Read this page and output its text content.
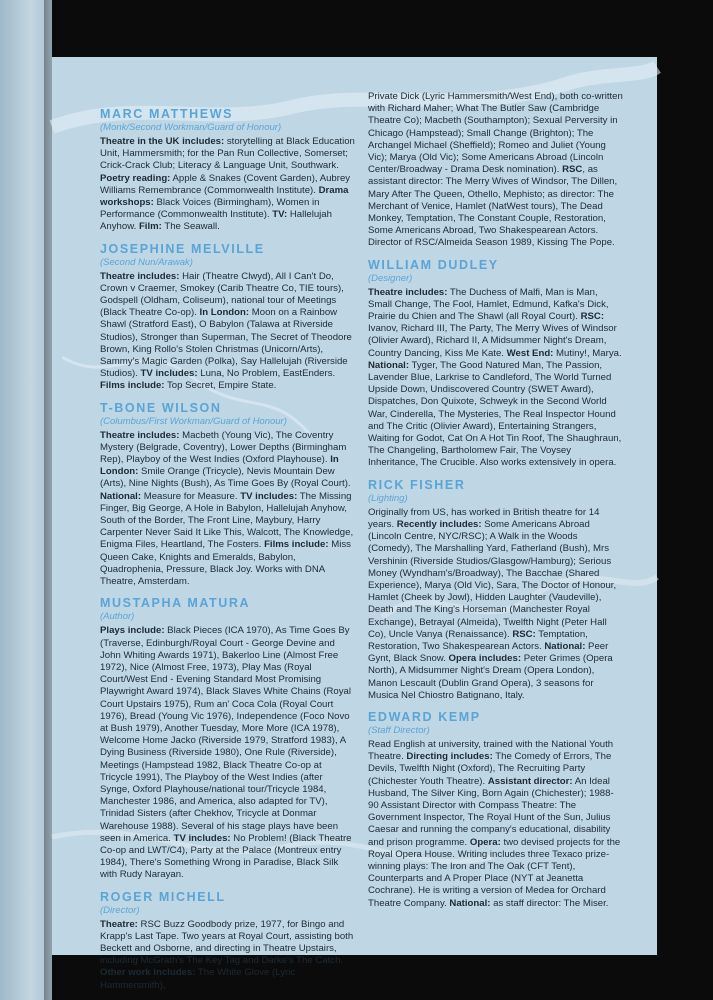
MARC MATTHEWS

(Monk/Second Workman/Guard of Honour)

Theatre in the UK includes: storytelling at Black Education Unit, Hammersmith; for the Pan Run Collective, Somerset; Crick-Crack Club; Literacy & Language Unit, Southwark. Poetry reading: Apple & Snakes (Covent Garden), Aubrey Williams Remembrance (Commonwealth Institute). Drama workshops: Black Voices (Birmingham), Women in Performance (Commonwealth Institute). TV: Hallelujah Anyhow. Film: The Seawall.

JOSEPHINE MELVILLE

(Second Nun/Arawak)

Theatre includes: Hair (Theatre Clwyd), All I Can't Do, Crown v Craemer, Smokey (Carib Theatre Co, TIE tours), Godspell (Oldham, Coliseum), national tour of Meetings (Black Theatre Co-op). In London: Moon on a Rainbow Shawl (Stratford East), O Babylon (Talawa at Riverside Studios), Stronger than Superman, The Secret of Theodore Brown, King Rollo's Stolen Christmas (Unicorn/Arts), Sammy's Magic Garden (Polka), Say Hallelujah (Riverside Studios). TV includes: Luna, No Problem, EastEnders. Films include: Top Secret, Empire State.

T-BONE WILSON

(Columbus/First Workman/Guard of Honour)

Theatre includes: Macbeth (Young Vic), The Coventry Mystery (Belgrade, Coventry), Lower Depths (Birmingham Rep), Playboy of the West Indies (Oxford Playhouse). In London: Smile Orange (Tricycle), Nevis Mountain Dew (Arts), Nine Nights (Bush), As Time Goes By (Royal Court). National: Measure for Measure. TV includes: The Missing Finger, Big George, A Hole in Babylon, Hallelujah Anyhow, South of the Border, The Front Line, Maybury, Harry Carpenter Never Said It Like This, Walcott, The Knowledge, Enigma Files, Heartland, The Fosters. Films include: Miss Queen Cake, Knights and Emeralds, Babylon, Quadrophenia, Pressure, Black Joy. Works with DNA Theatre, Amsterdam.

MUSTAPHA MATURA

(Author)

Plays include: Black Pieces (ICA 1970), As Time Goes By (Traverse, Edinburgh/Royal Court - George Devine and John Whiting Awards 1971), Bakerloo Line (Almost Free 1972), Nice (Almost Free, 1973), Play Mas (Royal Court/West End - Evening Standard Most Promising Playwright Award 1974), Black Slaves White Chains (Royal Court Upstairs 1975), Rum an' Coca Cola (Royal Court 1976), Bread (Young Vic 1976), Independence (Foco Novo at Bush 1979), Another Tuesday, More More (ICA 1978), Welcome Home Jacko (Riverside 1979, Stratford 1983), A Dying Business (Riverside 1980), One Rule (Riverside), Meetings (Hampstead 1982, Black Theatre Co-op at Tricycle 1991), The Playboy of the West Indies (after Synge, Oxford Playhouse/national tour/Tricycle 1984, Manchester 1986, and America, also adapted for TV), Trinidad Sisters (after Chekhov, Tricycle at Donmar Warehouse 1988). Several of his stage plays have been seen in America. TV includes: No Problem! (Black Theatre Co-op and LWT/C4), Party at the Palace (Montreux entry 1984), There's Something Wrong in Paradise, Black Silk with Rudy Narayan.

ROGER MICHELL

(Director)

Theatre: RSC Buzz Goodbody prize, 1977, for Bingo and Krapp's Last Tape. Two years at Royal Court, assisting both Beckett and Osborne, and directing in Theatre Upstairs, including McGrath's The Key Tag and Darke's The Catch. Other work includes: The White Glove (Lyric Hammersmith),

Private Dick (Lyric Hammersmith/West End), both co-written with Richard Maher; What The Butler Saw (Cambridge Theatre Co); Macbeth (Southampton); Sexual Perversity in Chicago (Hampstead); Small Change (Brighton); The Archangel Michael (Sheffield); Romeo and Juliet (Young Vic); Marya (Old Vic); Some Americans Abroad (Lincoln Center/Broadway - Drama Desk nomination). RSC, as assistant director: The Merry Wives of Windsor, The Dillen, Mary After The Queen, Othello, Mephisto; as director: The Merchant of Venice, Hamlet (NatWest tours), The Dead Monkey, Temptation, The Constant Couple, Restoration, Some Americans Abroad, Two Shakespearean Actors. Director of RSC/Almeida Season 1989, Kissing The Pope.

WILLIAM DUDLEY

(Designer)

Theatre includes: The Duchess of Malfi, Man is Man, Small Change, The Fool, Hamlet, Edmund, Kafka's Dick, Prairie du Chien and The Shawl (all Royal Court). RSC: Ivanov, Richard III, The Party, The Merry Wives of Windsor (Olivier Award), Richard II, A Midsummer Night's Dream, Country Dancing, Kiss Me Kate. West End: Mutiny!, Marya. National: Tyger, The Good Natured Man, The Passion, Lavender Blue, Larkrise to Candleford, The World Turned Upside Down, Undiscovered Country (SWET Award), Dispatches, Don Quixote, Schweyk in the Second World War, Cinderella, The Mysteries, The Real Inspector Hound and The Critic (Olivier Award), Entertaining Strangers, Waiting for Godot, Cat On A Hot Tin Roof, The Shaughraun, The Changeling, Bartholomew Fair, The Voysey Inheritance, The Crucible. Also works extensively in opera.

RICK FISHER

(Lighting)

Originally from US, has worked in British theatre for 14 years. Recently includes: Some Americans Abroad (Lincoln Centre, NYC/RSC); A Walk in the Woods (Comedy), The Marshalling Yard, Fatherland (Bush), Mrs Vershinin (Riverside Studios/Glasgow/Hamburg); Serious Money (Wyndham's/Broadway), The Bacchae (Shared Experience), Marya (Old Vic), Sara, The Doctor of Honour, Hamlet (Cheek by Jowl), Hidden Laughter (Vaudeville), Death and The King's Horseman (Manchester Royal Exchange), Betrayal (Almeida), Twelfth Night (Peter Hall Co), Uncle Vanya (Renaissance). RSC: Temptation, Restoration, Two Shakespearean Actors. National: Peer Gynt, Black Snow. Opera includes: Peter Grimes (Opera North), A Midsummer Night's Dream (Opera London), Manon Lescault (Dublin Grand Opera), 3 seasons for Musica Nel Chiostro Batignano, Italy.

EDWARD KEMP

(Staff Director)

Read English at university, trained with the National Youth Theatre. Directing includes: The Comedy of Errors, The Devils, Twelfth Night (Oxford), The Recruiting Party (Chichester Youth Theatre). Assistant director: An Ideal Husband, The Silver King, Born Again (Chichester); 1988-90 Assistant Director with Compass Theatre: The Government Inspector, The Royal Hunt of the Sun, Julius Caesar and running the company's educational, disability and prison programme. Opera: two devised projects for the Royal Opera House. Writing includes three Texaco prize-winning plays: The Iron and The Oak (CFT Tent), Counterparts and A Proper Place (NYT at Jeanetta Cochrane). He is writing a version of Medea for Orchard Theatre Company. National: as staff director: The Miser.
